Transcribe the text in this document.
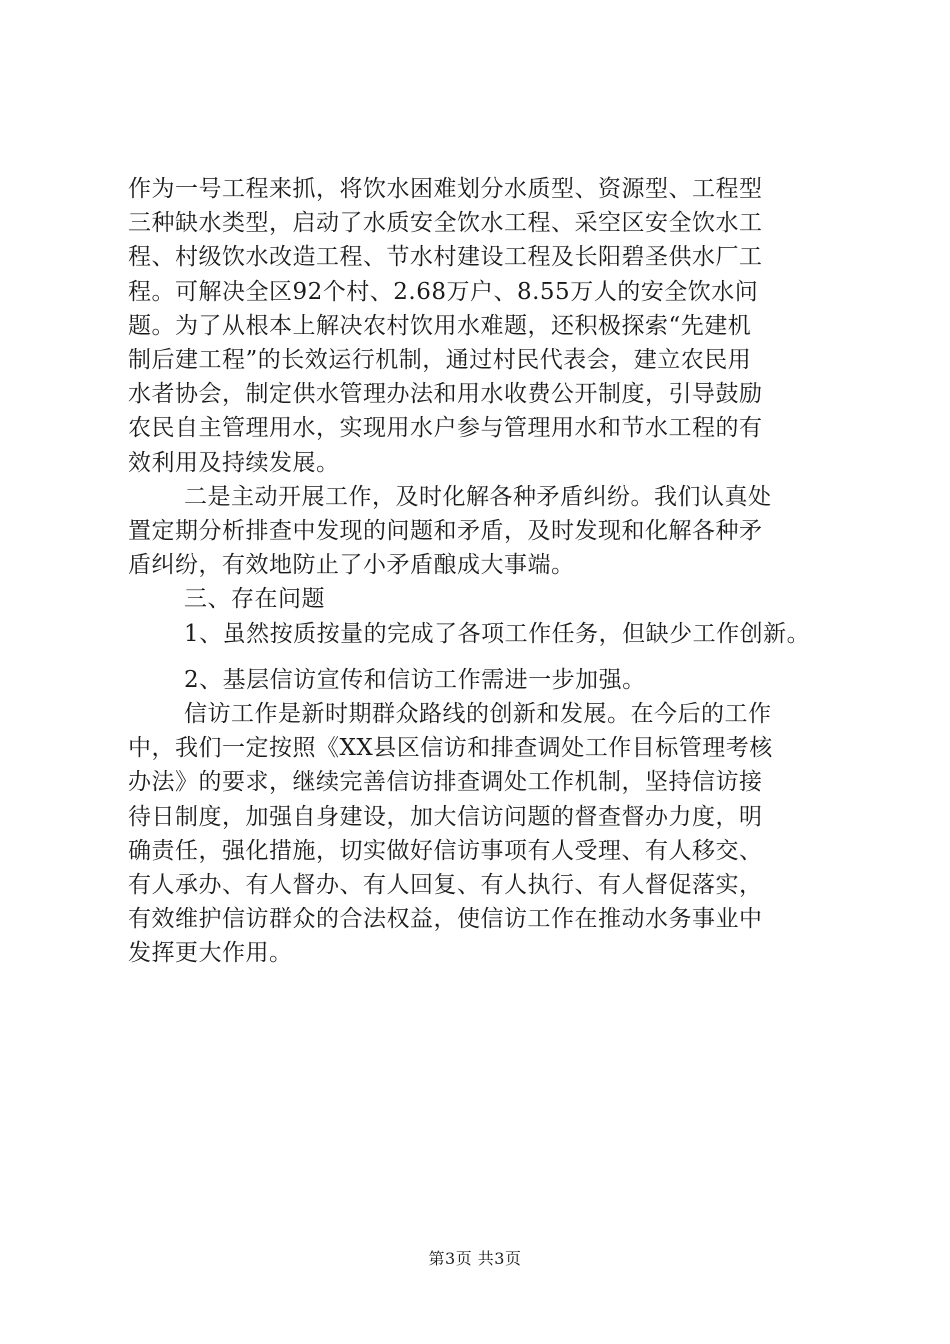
作为一号工程来抓，将饮水困难划分水质型、资源型、工程型
三种缺水类型，启动了水质安全饮水工程、采空区安全饮水工
程、村级饮水改造工程、节水村建设工程及长阳碧圣供水厂工
程。可解决全区92个村、2.68万户、8.55万人的安全饮水问
题。为了从根本上解决农村饮用水难题，还积极探索“先建机
制后建工程”的长效运行机制，通过村民代表会，建立农民用
水者协会，制定供水管理办法和用水收费公开制度，引导鼓励
农民自主管理用水，实现用水户参与管理用水和节水工程的有
效利用及持续发展。

二是主动开展工作，及时化解各种矛盾纠纷。我们认真处
置定期分析排查中发现的问题和矛盾，及时发现和化解各种矛
盾纠纷，有效地防止了小矛盾酿成大事端。

三、存在问题

1、虽然按质按量的完成了各项工作任务，但缺少工作创新。

2、基层信访宣传和信访工作需进一步加强。

信访工作是新时期群众路线的创新和发展。在今后的工作
中，我们一定按照《XX县区信访和排查调处工作目标管理考核
办法》的要求，继续完善信访排查调处工作机制，坚持信访接
待日制度，加强自身建设，加大信访问题的督查督办力度，明
确责任，强化措施，切实做好信访事项有人受理、有人移交、
有人承办、有人督办、有人回复、有人执行、有人督促落实，
有效维护信访群众的合法权益，使信访工作在推动水务事业中
发挥更大作用。

第3页 共3页
